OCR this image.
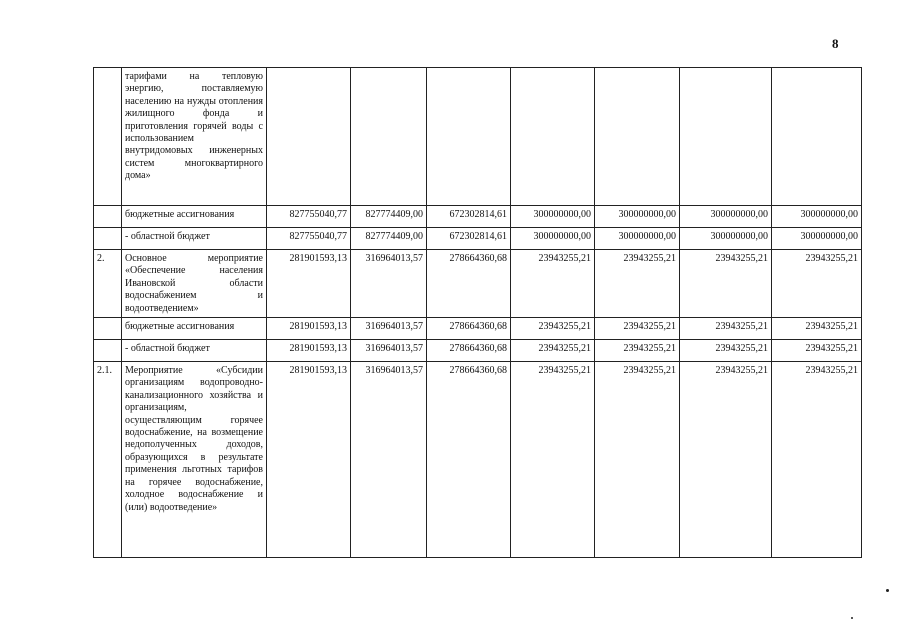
8
	тарифами на тепловую энергию, поставляемую населению на нужды отопления жилищного фонда и приготовления горячей воды с использованием внутридомовых инженерных систем многоквартирного дома»							
	бюджетные ассигнования	827755040,77	827774409,00	672302814,61	300000000,00	300000000,00	300000000,00	300000000,00
	- областной бюджет	827755040,77	827774409,00	672302814,61	300000000,00	300000000,00	300000000,00	300000000,00
2.	Основное мероприятие «Обеспечение населения Ивановской области водоснабжением и водоотведением»	281901593,13	316964013,57	278664360,68	23943255,21	23943255,21	23943255,21	23943255,21
	бюджетные ассигнования	281901593,13	316964013,57	278664360,68	23943255,21	23943255,21	23943255,21	23943255,21
	- областной бюджет	281901593,13	316964013,57	278664360,68	23943255,21	23943255,21	23943255,21	23943255,21
2.1.	Мероприятие «Субсидии организациям водопроводно-канализационного хозяйства и организациям, осуществляющим горячее водоснабжение, на возмещение недополученных доходов, образующихся в результате применения льготных тарифов на горячее водоснабжение, холодное водоснабжение и (или) водоотведение»	281901593,13	316964013,57	278664360,68	23943255,21	23943255,21	23943255,21	23943255,21
